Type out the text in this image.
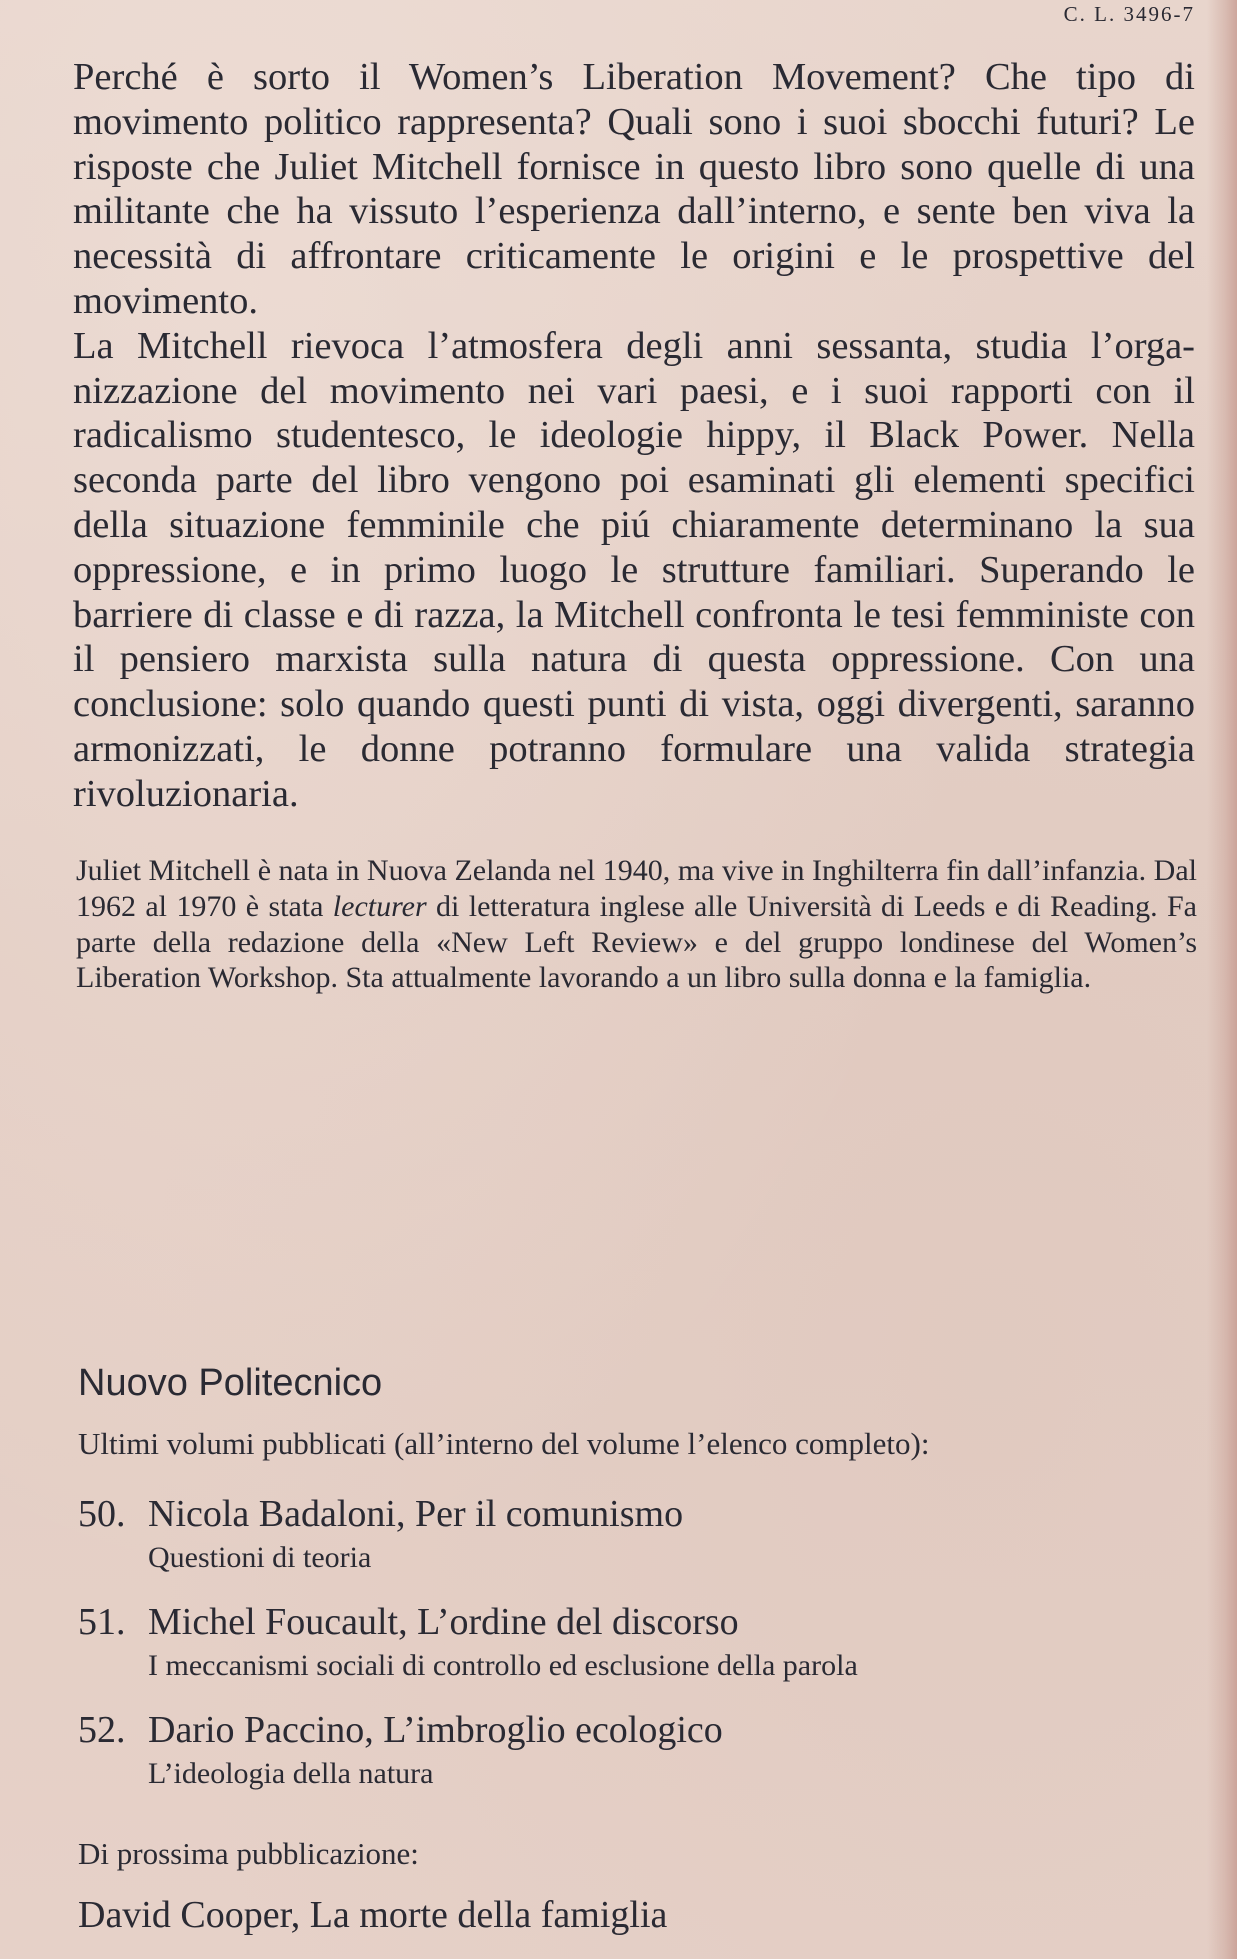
C. L. 3496-7

Perché è sorto il Women’s Liberation Movement? Che tipo di movimento politico rappresenta? Quali sono i suoi sbocchi futuri? Le risposte che Juliet Mitchell fornisce in questo libro sono quelle di una militante che ha vissuto l’esperienza dall’interno, e sente ben viva la necessità di affrontare criticamente le origini e le prospettive del movimento.

La Mitchell rievoca l’atmosfera degli anni sessanta, studia l’organizzazione del movimento nei vari paesi, e i suoi rapporti con il radicalismo studentesco, le ideologie hippy, il Black Power. Nella seconda parte del libro vengono poi esaminati gli elementi specifici della situazione femminile che piú chiaramente determinano la sua oppressione, e in primo luogo le strutture familiari. Superando le barriere di classe e di razza, la Mitchell confronta le tesi femministe con il pensiero marxista sulla natura di questa oppressione. Con una conclusione: solo quando questi punti di vista, oggi divergenti, saranno armonizzati, le donne potranno formulare una valida strategia rivoluzionaria.

Juliet Mitchell è nata in Nuova Zelanda nel 1940, ma vive in Inghilterra fin dall’infanzia. Dal 1962 al 1970 è stata lecturer di letteratura inglese alle Università di Leeds e di Reading. Fa parte della redazione della «New Left Review» e del gruppo londinese del Women’s Liberation Workshop. Sta attualmente lavorando a un libro sulla donna e la famiglia.

Nuovo Politecnico

Ultimi volumi pubblicati (all’interno del volume l’elenco completo):

50. Nicola Badaloni, Per il comunismo
Questioni di teoria
51. Michel Foucault, L’ordine del discorso
I meccanismi sociali di controllo ed esclusione della parola
52. Dario Paccino, L’imbroglio ecologico
L’ideologia della natura

Di prossima pubblicazione:

David Cooper, La morte della famiglia
